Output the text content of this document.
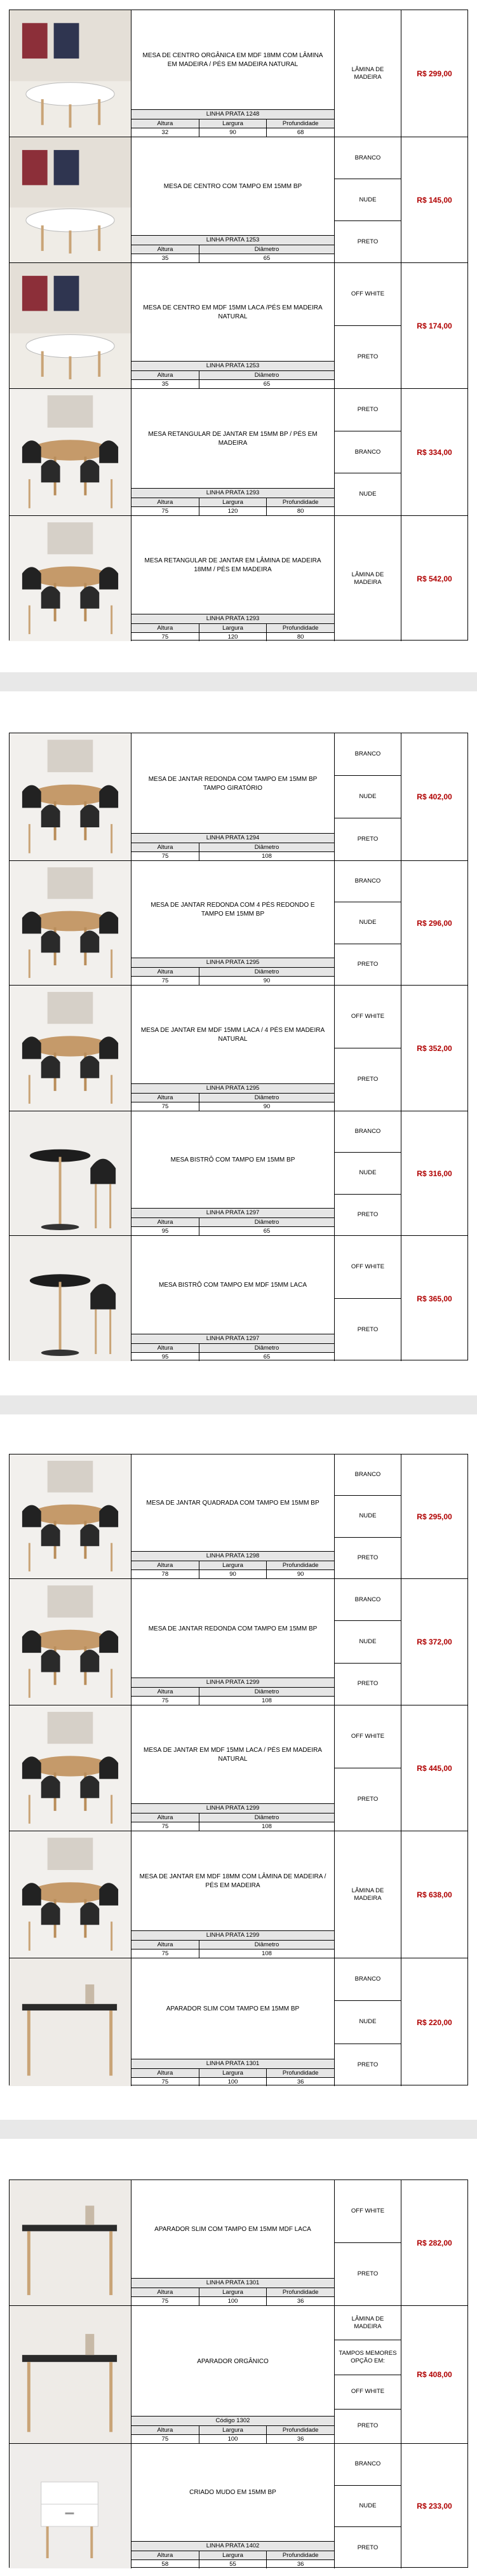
MESA DE CENTRO ORGÂNICA EM MDF 18MM COM LÂMINA EM MADEIRA / PÉS EM MADEIRA NATURAL
LINHA PRATA 1248
Altura	Largura	Profundidade
32	90	68
LÂMINA DE MADEIRA	R$ 299,00
MESA DE CENTRO COM TAMPO EM 15MM BP
LINHA PRATA 1253
Altura	Diâmetro
35	65
BRANCO
NUDE
PRETO
R$ 145,00
MESA DE CENTRO EM MDF 15MM LACA /PÉS EM MADEIRA NATURAL
LINHA PRATA 1253
Altura	Diâmetro
35	65
OFF WHITE
PRETO
R$ 174,00
MESA RETANGULAR DE JANTAR EM 15MM BP / PÉS EM MADEIRA
LINHA PRATA 1293
Altura	Largura	Profundidade
75	120	80
PRETO
BRANCO
NUDE
R$ 334,00
MESA RETANGULAR DE JANTAR EM LÂMINA DE MADEIRA 18MM / PÉS EM MADEIRA
LINHA PRATA 1293
Altura	Largura	Profundidade
75	120	80
LÂMINA DE MADEIRA	R$ 542,00
MESA DE JANTAR REDONDA COM TAMPO EM 15MM BP TAMPO GIRATÓRIO
LINHA PRATA 1294
Altura	Diâmetro
75	108
BRANCO
NUDE
PRETO
R$ 402,00
MESA DE JANTAR REDONDA COM 4 PÉS REDONDO E TAMPO EM 15MM BP
LINHA PRATA 1295
Altura	Diâmetro
75	90
BRANCO
NUDE
PRETO
R$ 296,00
MESA DE JANTAR EM MDF 15MM LACA / 4 PÉS EM MADEIRA NATURAL
LINHA PRATA 1295
Altura	Diâmetro
75	90
OFF WHITE
PRETO
R$ 352,00
MESA BISTRÔ COM TAMPO EM 15MM BP
LINHA PRATA 1297
Altura	Diâmetro
95	65
BRANCO
NUDE
PRETO
R$ 316,00
MESA BISTRÔ COM TAMPO EM MDF 15MM LACA
LINHA PRATA 1297
Altura	Diâmetro
95	65
OFF WHITE
PRETO
R$ 365,00
MESA DE JANTAR QUADRADA COM TAMPO EM 15MM BP
LINHA PRATA 1298
Altura	Largura	Profundidade
78	90	90
BRANCO
NUDE
PRETO
R$ 295,00
MESA DE JANTAR REDONDA COM TAMPO EM 15MM BP
LINHA PRATA 1299
Altura	Diâmetro
75	108
BRANCO
NUDE
PRETO
R$ 372,00
MESA DE JANTAR EM MDF 15MM LACA / PÉS EM MADEIRA NATURAL
LINHA PRATA 1299
Altura	Diâmetro
75	108
OFF WHITE
PRETO
R$ 445,00
MESA DE JANTAR EM MDF 18MM COM LÂMINA DE MADEIRA / PÉS EM MADEIRA
LINHA PRATA 1299
Altura	Diâmetro
75	108
LÂMINA DE MADEIRA	R$ 638,00
APARADOR SLIM COM TAMPO EM 15MM BP
LINHA PRATA 1301
Altura	Largura	Profundidade
75	100	36
BRANCO
NUDE
PRETO
R$ 220,00
APARADOR SLIM COM TAMPO EM 15MM MDF LACA
LINHA PRATA 1301
Altura	Largura	Profundidade
75	100	36
OFF WHITE
PRETO
R$ 282,00
APARADOR ORGÂNICO
Código 1302
Altura	Largura	Profundidade
75	100	36
LÂMINA DE MADEIRA
TAMPOS MEMORES OPÇÃO EM:
OFF WHITE
PRETO
R$ 408,00
CRIADO MUDO EM 15MM BP
LINHA PRATA 1402
Altura	Largura	Profundidade
58	55	36
BRANCO
NUDE
PRETO
R$ 233,00
